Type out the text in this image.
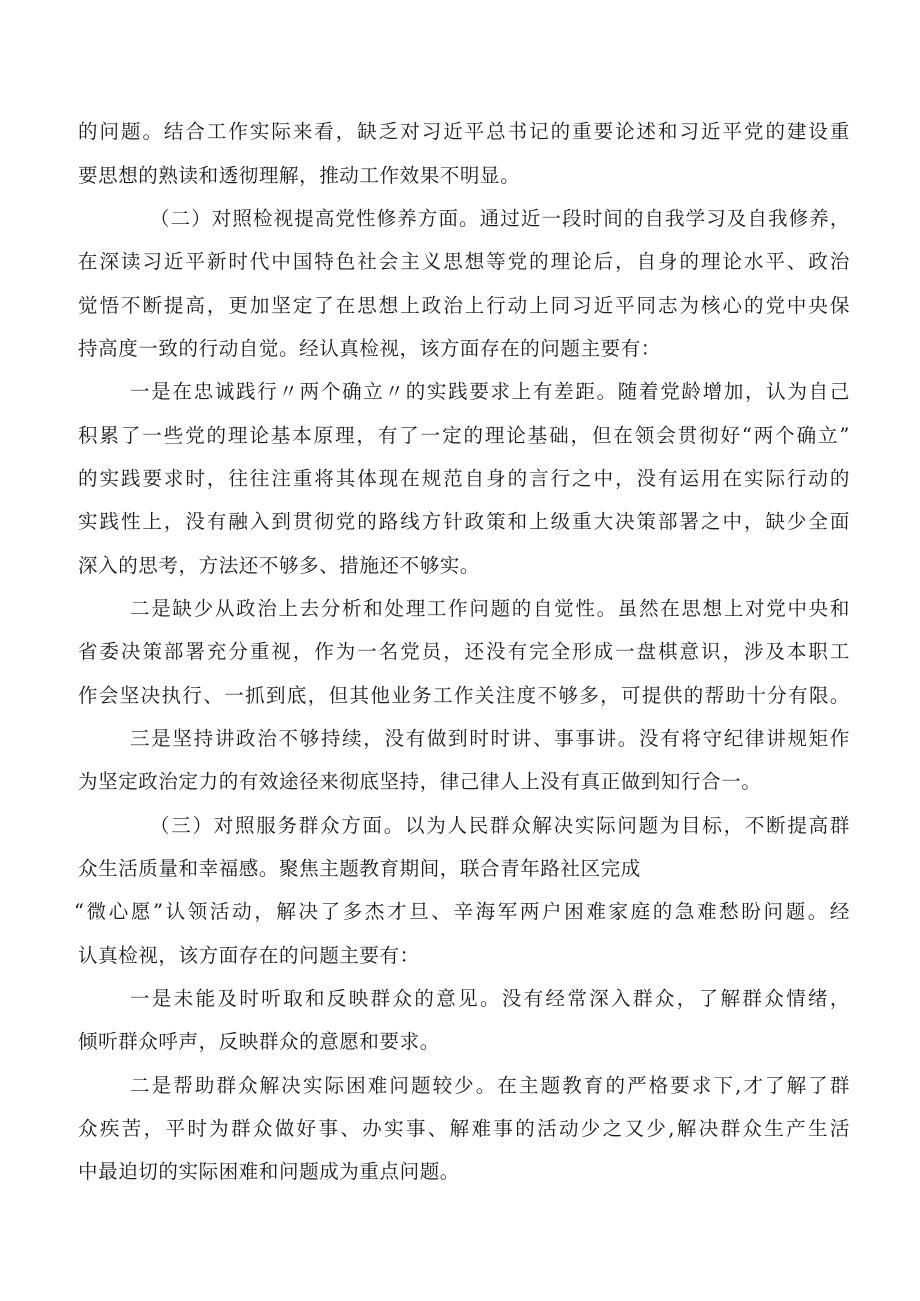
的问题。结合工作实际来看，缺乏对习近平总书记的重要论述和习近平党的建设重

要思想的熟读和透彻理解，推动工作效果不明显。

（二）对照检视提高党性修养方面。通过近一段时间的自我学习及自我修养，

在深读习近平新时代中国特色社会主义思想等党的理论后，自身的理论水平、政治

觉悟不断提高，更加坚定了在思想上政治上行动上同习近平同志为核心的党中央保

持高度一致的行动自觉。经认真检视，该方面存在的问题主要有：

一是在忠诚践行〃两个确立〃的实践要求上有差距。随着党龄增加，认为自己

积累了一些党的理论基本原理，有了一定的理论基础，但在领会贯彻好“两个确立”

的实践要求时，往往注重将其体现在规范自身的言行之中，没有运用在实际行动的

实践性上，没有融入到贯彻党的路线方针政策和上级重大决策部署之中，缺少全面

深入的思考，方法还不够多、措施还不够实。

二是缺少从政治上去分析和处理工作问题的自觉性。虽然在思想上对党中央和

省委决策部署充分重视，作为一名党员，还没有完全形成一盘棋意识，涉及本职工

作会坚决执行、一抓到底，但其他业务工作关注度不够多，可提供的帮助十分有限。

三是坚持讲政治不够持续，没有做到时时讲、事事讲。没有将守纪律讲规矩作

为坚定政治定力的有效途径来彻底坚持，律己律人上没有真正做到知行合一。

（三）对照服务群众方面。以为人民群众解决实际问题为目标，不断提高群

众生活质量和幸福感。聚焦主题教育期间，联合青年路社区完成

“微心愿”认领活动，解决了多杰才旦、辛海军两户困难家庭的急难愁盼问题。经

认真检视，该方面存在的问题主要有：

一是未能及时听取和反映群众的意见。没有经常深入群众，了解群众情绪，

倾听群众呼声，反映群众的意愿和要求。

二是帮助群众解决实际困难问题较少。在主题教育的严格要求下,才了解了群

众疾苦，平时为群众做好事、办实事、解难事的活动少之又少,解决群众生产生活

中最迫切的实际困难和问题成为重点问题。
